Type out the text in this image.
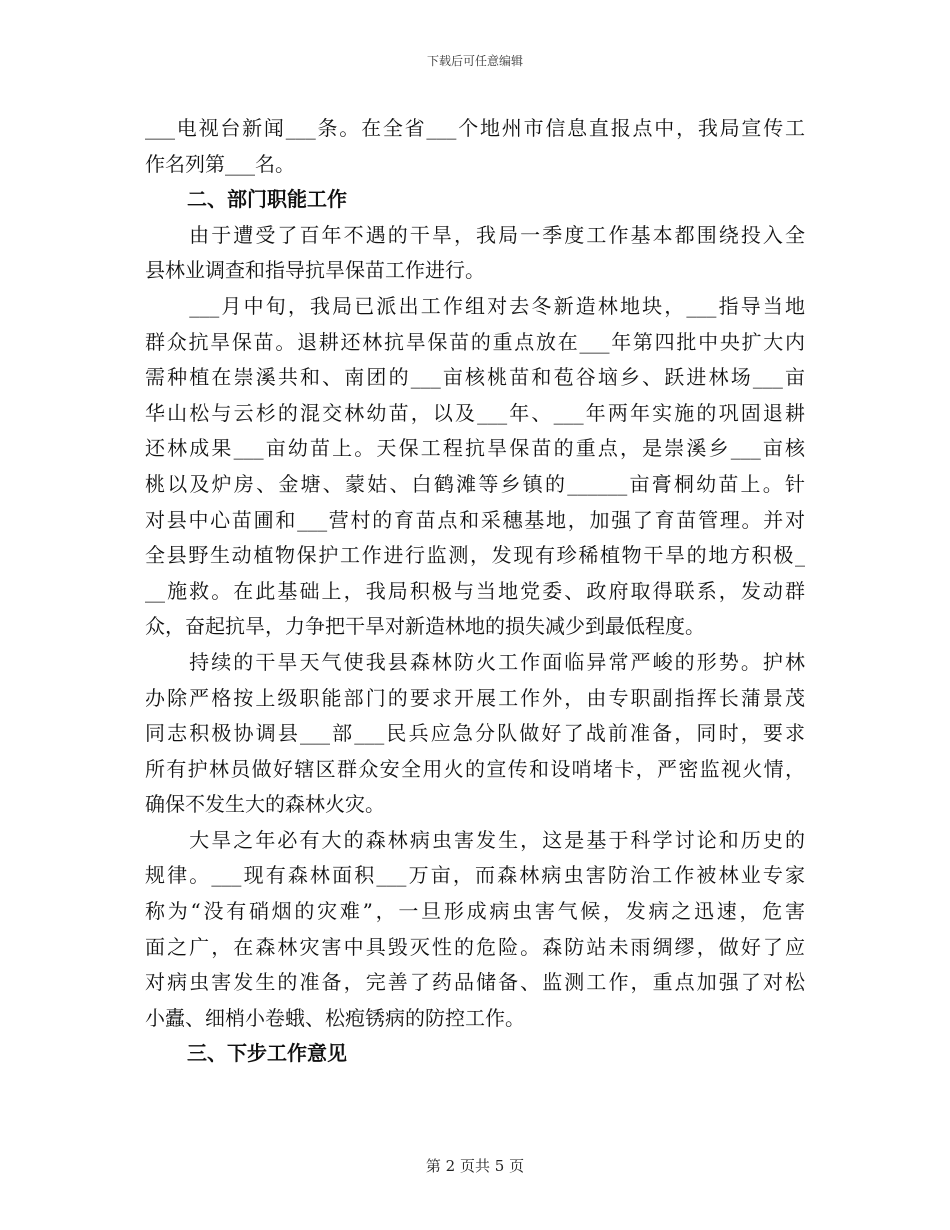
下载后可任意编辑
___电视台新闻___条。在全省___个地州市信息直报点中，我局宣传工
作名列第___名。
二、部门职能工作
　　由于遭受了百年不遇的干旱，我局一季度工作基本都围绕投入全
县林业调查和指导抗旱保苗工作进行。
　　___月中旬，我局已派出工作组对去冬新造林地块，___指导当地
群众抗旱保苗。退耕还林抗旱保苗的重点放在___年第四批中央扩大内
需种植在崇溪共和、南团的___亩核桃苗和苞谷垴乡、跃进林场___亩
华山松与云杉的混交林幼苗，以及___年、___年两年实施的巩固退耕
还林成果___亩幼苗上。天保工程抗旱保苗的重点，是崇溪乡___亩核
桃以及炉房、金塘、蒙姑、白鹤滩等乡镇的______亩膏桐幼苗上。针
对县中心苗圃和___营村的育苗点和采穗基地，加强了育苗管理。并对
全县野生动植物保护工作进行监测，发现有珍稀植物干旱的地方积极_
__施救。在此基础上，我局积极与当地党委、政府取得联系，发动群
众，奋起抗旱，力争把干旱对新造林地的损失减少到最低程度。
　　持续的干旱天气使我县森林防火工作面临异常严峻的形势。护林
办除严格按上级职能部门的要求开展工作外，由专职副指挥长蒲景茂
同志积极协调县___部___民兵应急分队做好了战前准备，同时，要求
所有护林员做好辖区群众安全用火的宣传和设哨堵卡，严密监视火情，
确保不发生大的森林火灾。
　　大旱之年必有大的森林病虫害发生，这是基于科学讨论和历史的
规律。___现有森林面积___万亩，而森林病虫害防治工作被林业专家
称为“没有硝烟的灾难”，一旦形成病虫害气候，发病之迅速，危害
面之广，在森林灾害中具毁灭性的危险。森防站未雨绸缪，做好了应
对病虫害发生的准备，完善了药品储备、监测工作，重点加强了对松
小蠹、细梢小卷蛾、松疱锈病的防控工作。
三、下步工作意见
第 2 页共 5 页
